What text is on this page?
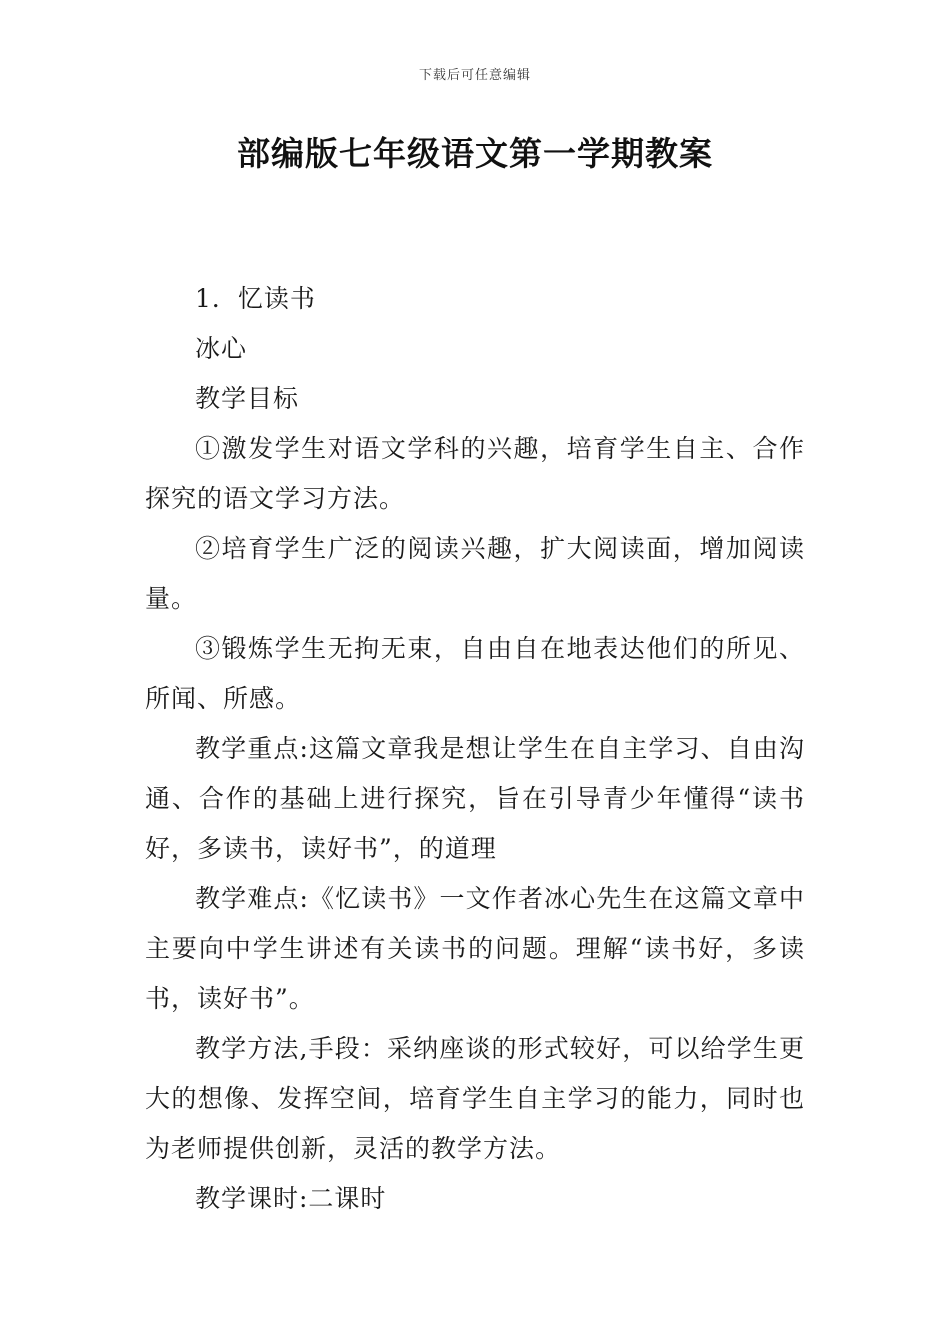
下载后可任意编辑
部编版七年级语文第一学期教案

1．忆读书

冰心

教学目标

①激发学生对语文学科的兴趣，培育学生自主、合作探究的语文学习方法。

②培育学生广泛的阅读兴趣，扩大阅读面，增加阅读量。

③锻炼学生无拘无束，自由自在地表达他们的所见、所闻、所感。

教学重点:这篇文章我是想让学生在自主学习、自由沟通、合作的基础上进行探究，旨在引导青少年懂得“读书好，多读书，读好书”，的道理

教学难点:《忆读书》一文作者冰心先生在这篇文章中主要向中学生讲述有关读书的问题。理解“读书好，多读书，读好书”。

教学方法,手段：采纳座谈的形式较好，可以给学生更大的想像、发挥空间，培育学生自主学习的能力，同时也为老师提供创新，灵活的教学方法。

教学课时:二课时
